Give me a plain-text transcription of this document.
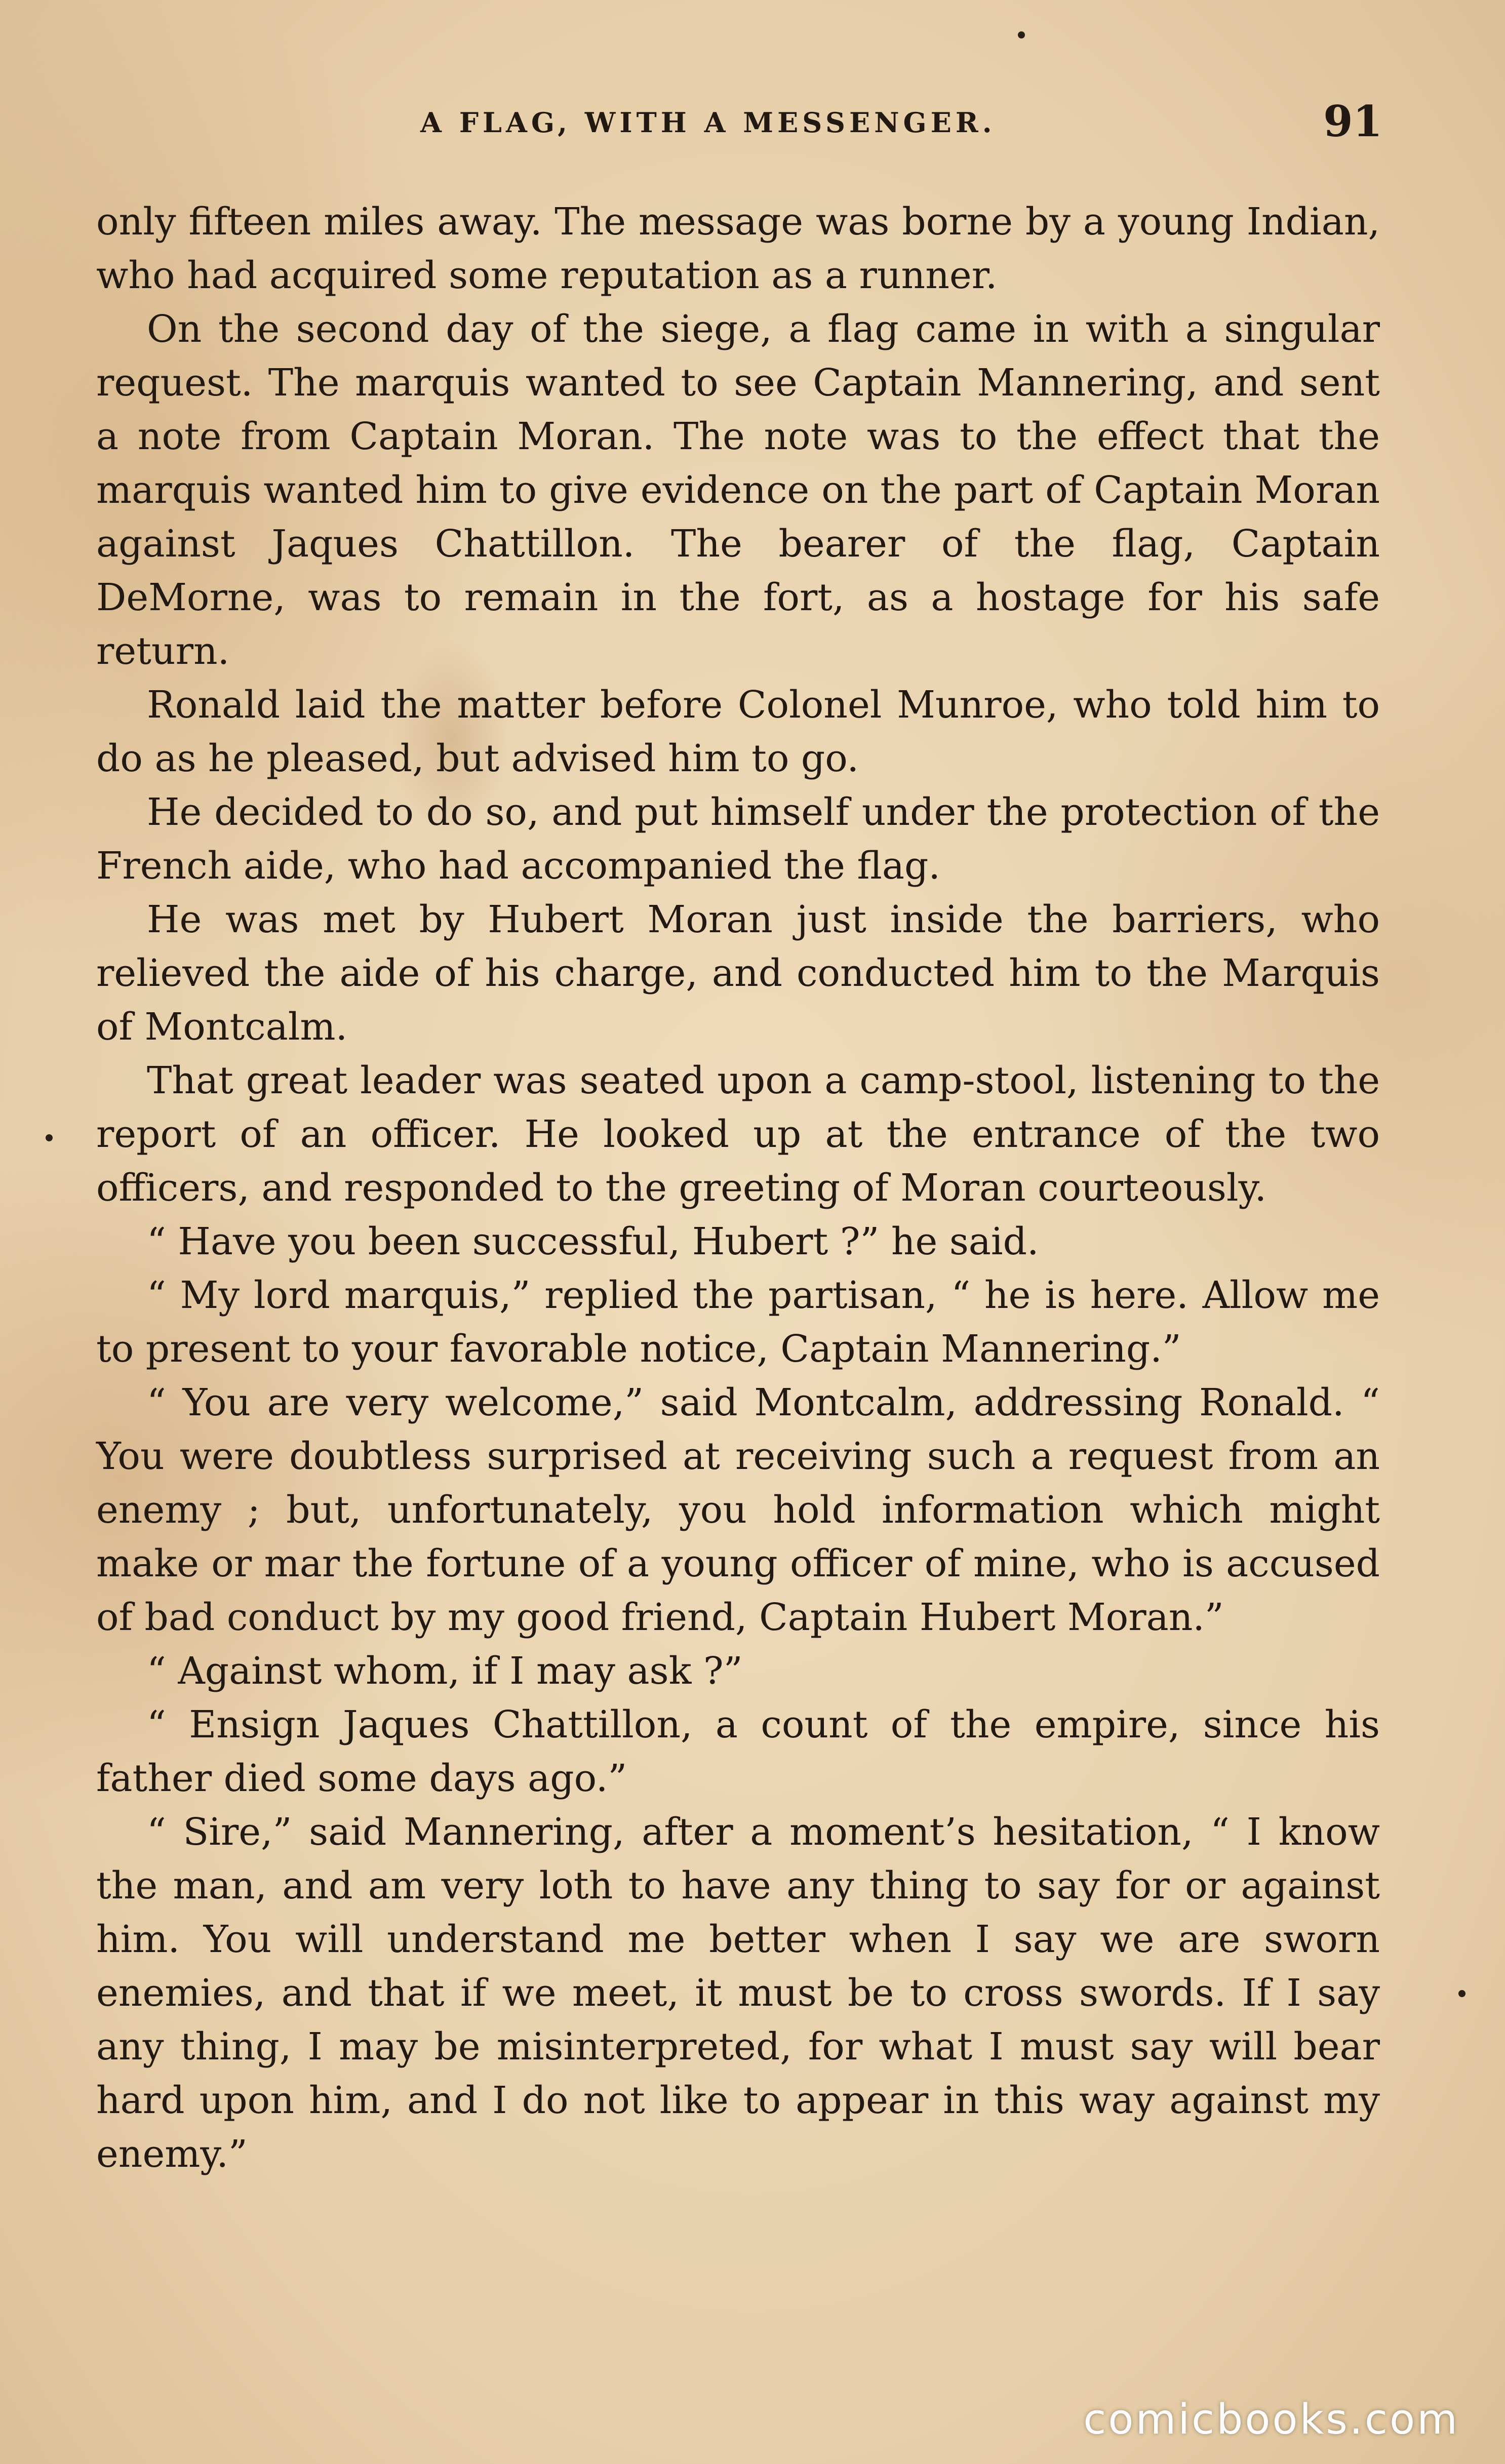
A FLAG, WITH A MESSENGER.	91

only fifteen miles away. The message was borne by a young Indian, who had acquired some reputation as a runner.

On the second day of the siege, a flag came in with a singular request. The marquis wanted to see Captain Mannering, and sent a note from Captain Moran. The note was to the effect that the marquis wanted him to give evidence on the part of Captain Moran against Jaques Chattillon. The bearer of the flag, Captain DeMorne, was to remain in the fort, as a hostage for his safe return.

Ronald laid the matter before Colonel Munroe, who told him to do as he pleased, but advised him to go.

He decided to do so, and put himself under the protection of the French aide, who had accompanied the flag.

He was met by Hubert Moran just inside the barriers, who relieved the aide of his charge, and conducted him to the Marquis of Montcalm.

That great leader was seated upon a camp-stool, listening to the report of an officer. He looked up at the entrance of the two officers, and responded to the greeting of Moran courteously.

“ Have you been successful, Hubert ?” he said.

“ My lord marquis,” replied the partisan, “ he is here. Allow me to present to your favorable notice, Captain Mannering.”

“ You are very welcome,” said Montcalm, addressing Ronald. “ You were doubtless surprised at receiving such a request from an enemy ; but, unfortunately, you hold information which might make or mar the fortune of a young officer of mine, who is accused of bad conduct by my good friend, Captain Hubert Moran.”

“ Against whom, if I may ask ?”

“ Ensign Jaques Chattillon, a count of the empire, since his father died some days ago.”

“ Sire,” said Mannering, after a moment’s hesitation, “ I know the man, and am very loth to have any thing to say for or against him. You will understand me better when I say we are sworn enemies, and that if we meet, it must be to cross swords. If I say any thing, I may be misinterpreted, for what I must say will bear hard upon him, and I do not like to appear in this way against my enemy.”

comicbooks.com
